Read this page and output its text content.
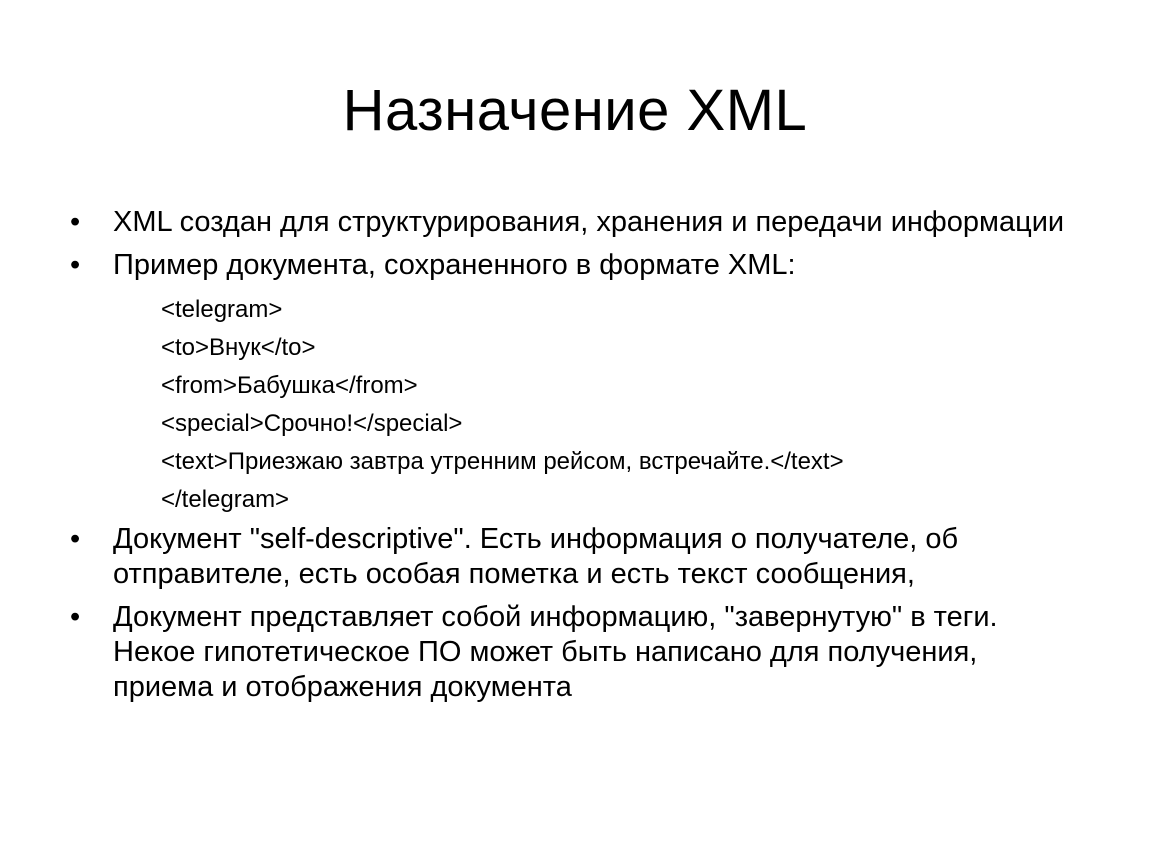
Назначение XML
•	XML создан для структурирования, хранения и передачи информации
•	Пример документа, сохраненного в формате XML:
<telegram>
<to>Внук</to>
<from>Бабушка</from>
<special>Срочно!</special>
<text>Приезжаю завтра утренним рейсом, встречайте.</text>
</telegram>
•	Документ "self-descriptive". Есть информация о получателе, об отправителе, есть особая пометка и есть текст сообщения,
•	Документ представляет собой информацию, "завернутую" в теги. Некое гипотетическое ПО может быть написано для получения, приема и отображения документа
